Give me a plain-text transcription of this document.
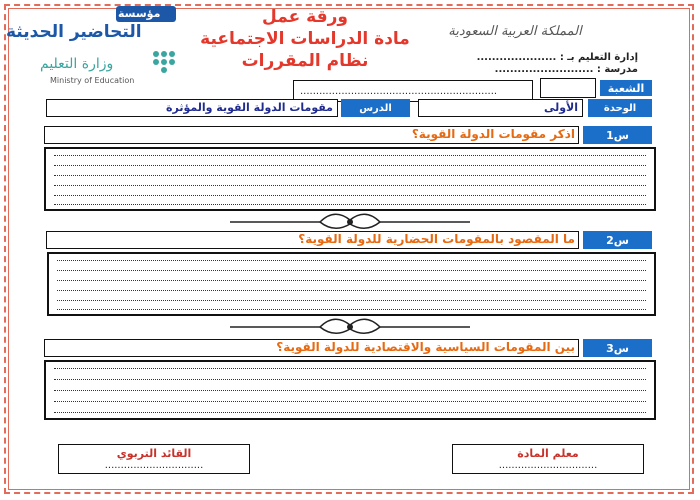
مؤسسة
التحاضير الحديثة
وزارة التعليم
Ministry of Education
ورقة عمل
مادة الدراسات الاجتماعية
نظام المقررات
المملكة العربية السعودية
إدارة التعليم بـ : .....................
مدرسة : ..........................
الشعبة
..............................................................
الوحدة
الأولى
الدرس
مقومات الدولة القوية والمؤثرة
س1
اذكر مقومات الدولة القوية؟
س2
ما المقصود بالمقومات الحضارية للدولة القوية؟
س3
بين المقومات السياسية والاقتصادية للدولة القوية؟
معلم المادة
...............................
القائد التربوي
...............................
